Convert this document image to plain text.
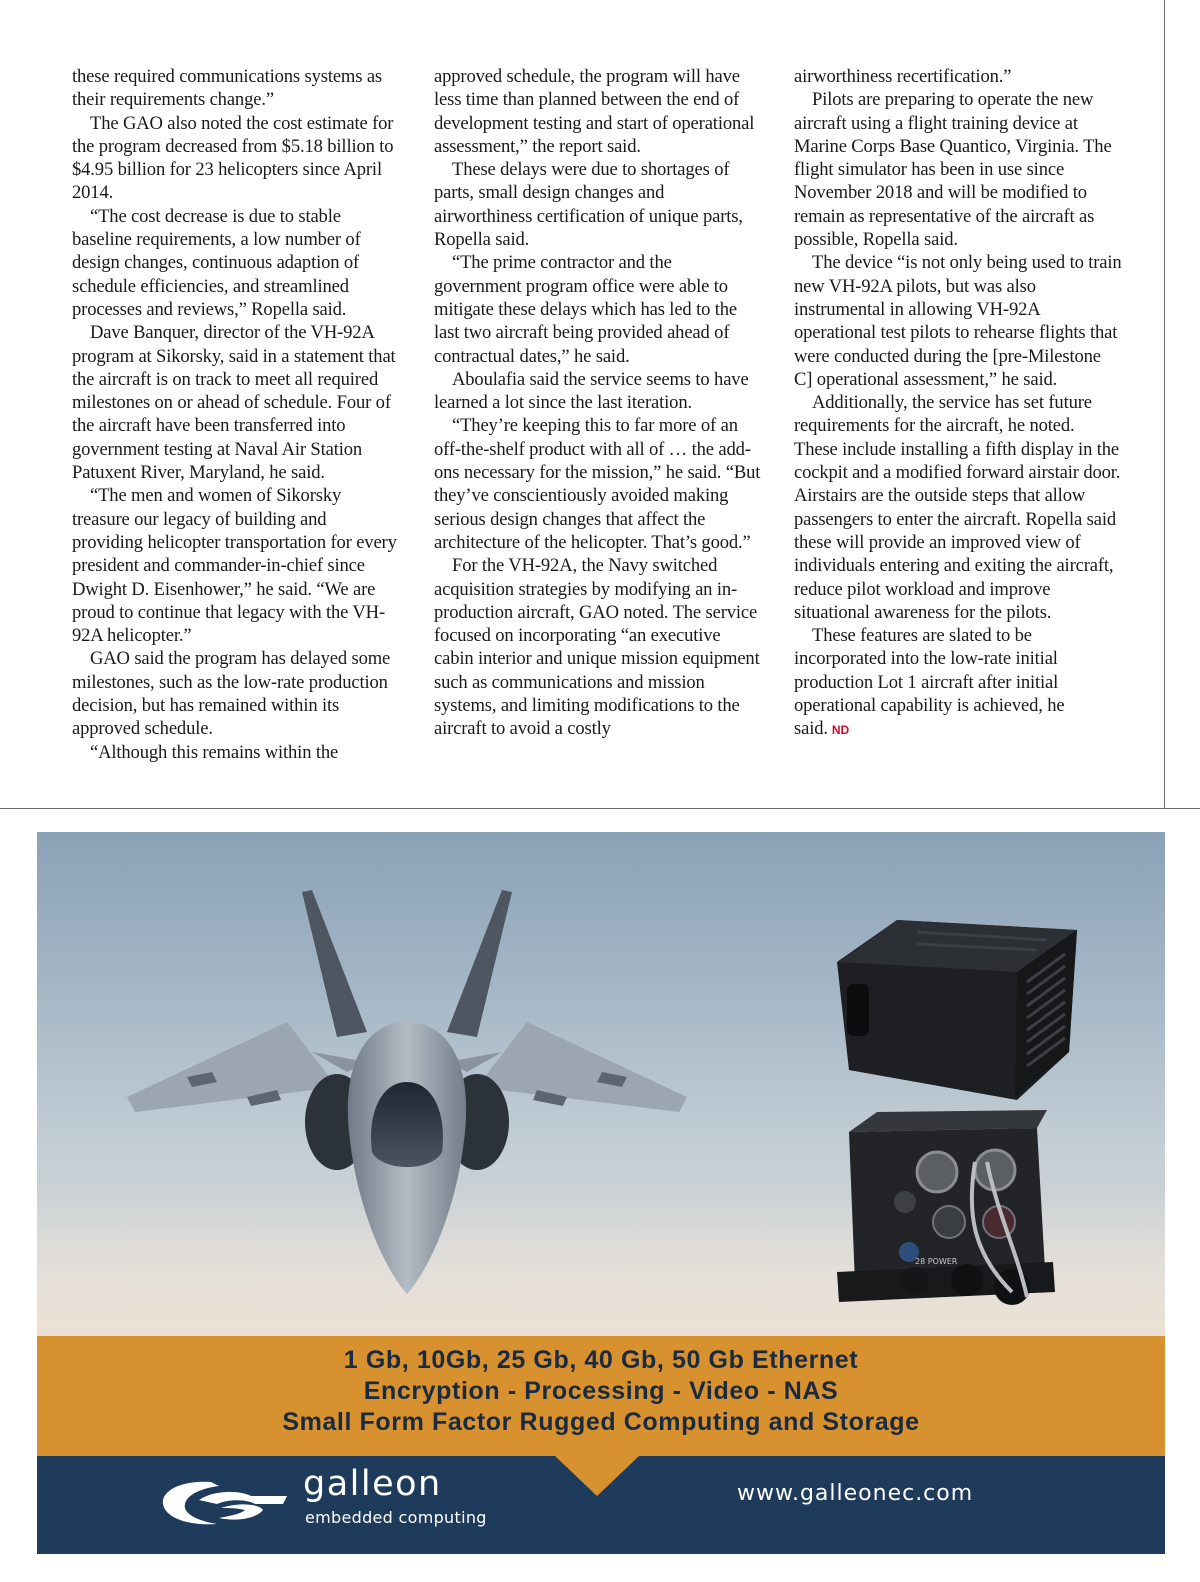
these required communications systems as their requirements change.”

The GAO also noted the cost estimate for the program decreased from $5.18 billion to $4.95 billion for 23 helicopters since April 2014.

“The cost decrease is due to stable baseline requirements, a low number of design changes, continuous adaption of schedule efficiencies, and streamlined processes and reviews,” Ropella said.

Dave Banquer, director of the VH-92A program at Sikorsky, said in a statement that the aircraft is on track to meet all required milestones on or ahead of schedule. Four of the aircraft have been transferred into government testing at Naval Air Station Patuxent River, Maryland, he said.

“The men and women of Sikorsky treasure our legacy of building and providing helicopter transportation for every president and commander-in-chief since Dwight D. Eisenhower,” he said. “We are proud to continue that legacy with the VH-92A helicopter.”

GAO said the program has delayed some milestones, such as the low-rate production decision, but has remained within its approved schedule.

“Although this remains within the

approved schedule, the program will have less time than planned between the end of development testing and start of operational assessment,” the report said.

These delays were due to shortages of parts, small design changes and airworthiness certification of unique parts, Ropella said.

“The prime contractor and the government program office were able to mitigate these delays which has led to the last two aircraft being provided ahead of contractual dates,” he said.

Aboulafia said the service seems to have learned a lot since the last iteration.

“They’re keeping this to far more of an off-the-shelf product with all of … the add-ons necessary for the mission,” he said. “But they’ve conscientiously avoided making serious design changes that affect the architecture of the helicopter. That’s good.”

For the VH-92A, the Navy switched acquisition strategies by modifying an in-production aircraft, GAO noted. The service focused on incorporating “an executive cabin interior and unique mission equipment such as communications and mission systems, and limiting modifications to the aircraft to avoid a costly

airworthiness recertification.”

Pilots are preparing to operate the new aircraft using a flight training device at Marine Corps Base Quantico, Virginia. The flight simulator has been in use since November 2018 and will be modified to remain as representative of the aircraft as possible, Ropella said.

The device “is not only being used to train new VH-92A pilots, but was also instrumental in allowing VH-92A operational test pilots to rehearse flights that were conducted during the [pre-Milestone C] operational assessment,” he said.

Additionally, the service has set future requirements for the aircraft, he noted. These include installing a fifth display in the cockpit and a modified forward airstair door. Airstairs are the outside steps that allow passengers to enter the aircraft. Ropella said these will provide an improved view of individuals entering and exiting the aircraft, reduce pilot workload and improve situational awareness for the pilots.

These features are slated to be incorporated into the low-rate initial production Lot 1 aircraft after initial operational capability is achieved, he said. ND

28 POWER
1 Gb, 10Gb, 25 Gb, 40 Gb, 50 Gb Ethernet
Encryption - Processing - Video - NAS
Small Form Factor Rugged Computing and Storage
galleon
embedded computing
www.galleonec.com
